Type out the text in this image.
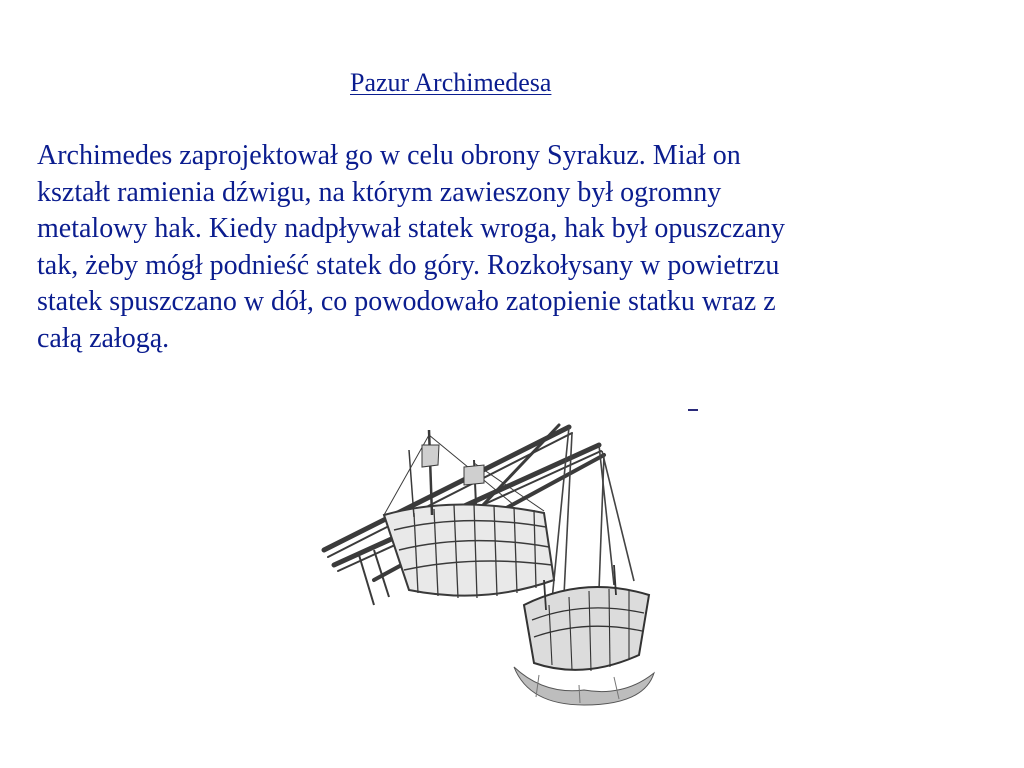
Pazur Archimedesa
Archimedes zaprojektował go w celu obrony Syrakuz. Miał on
kształt ramienia dźwigu, na którym zawieszony był ogromny
metalowy hak. Kiedy nadpływał statek wroga, hak był opuszczany
tak, żeby mógł podnieść statek do góry. Rozkołysany w powietrzu
statek spuszczano w dół, co powodowało zatopienie statku wraz z
całą załogą.
